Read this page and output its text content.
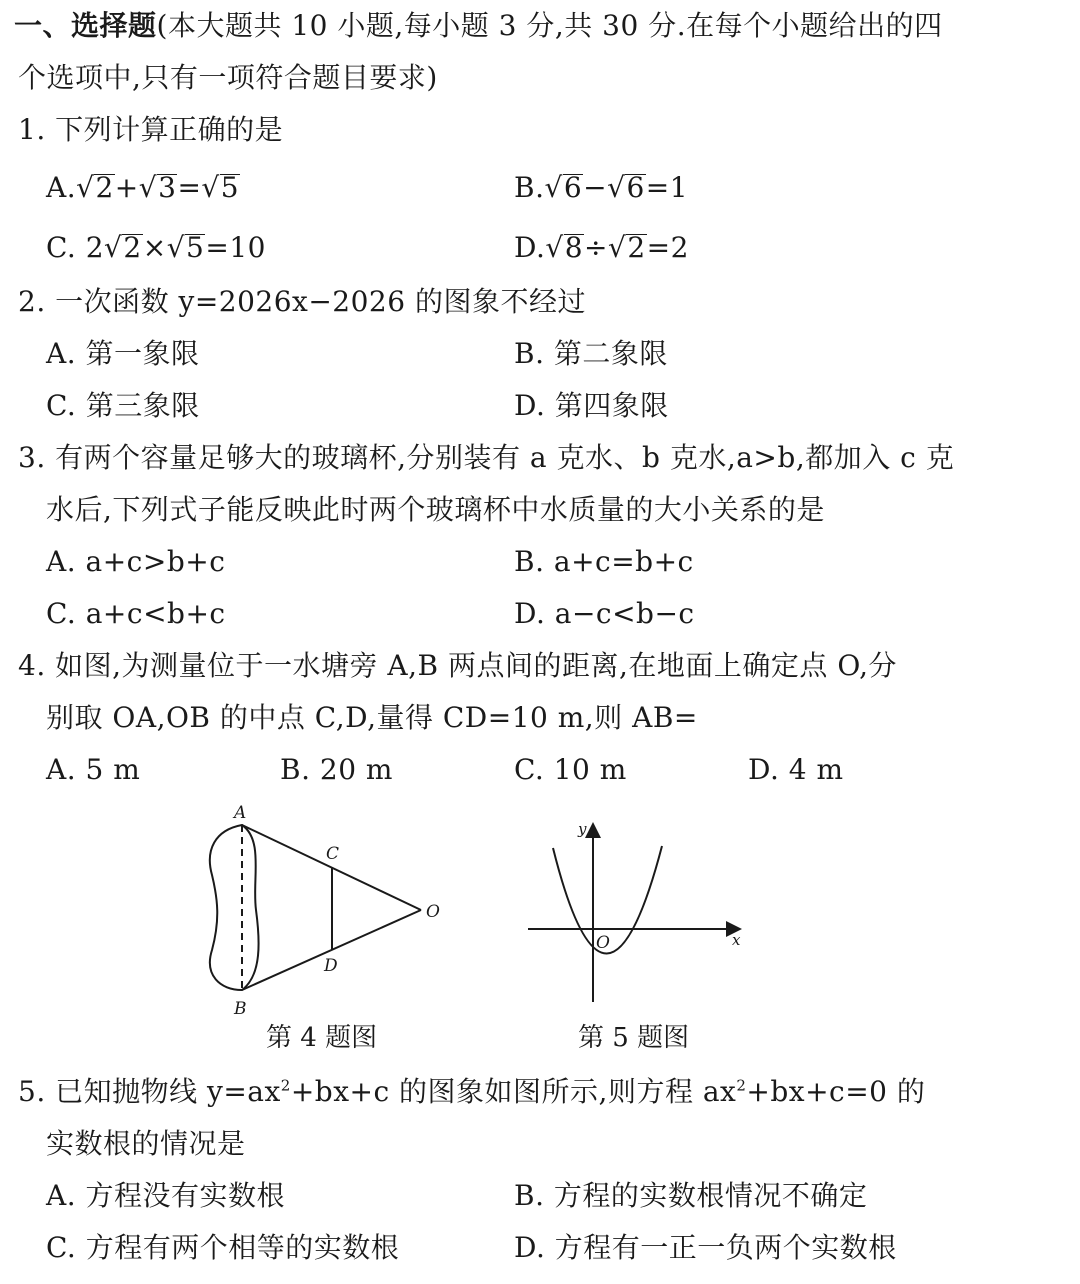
一、选择题(本大题共 10 小题,每小题 3 分,共 30 分.在每个小题给出的四
个选项中,只有一项符合题目要求)
1. 下列计算正确的是
A.√2+√3=√5	B.√6−√6=1
C. 2√2×√5=10	D.√8÷√2=2
2. 一次函数 y=2026x−2026 的图象不经过
A. 第一象限	B. 第二象限
C. 第三象限	D. 第四象限
3. 有两个容量足够大的玻璃杯,分别装有 a 克水、b 克水,a>b,都加入 c 克
水后,下列式子能反映此时两个玻璃杯中水质量的大小关系的是
A. a+c>b+c	B. a+c=b+c
C. a+c<b+c	D. a−c<b−c
4. 如图,为测量位于一水塘旁 A,B 两点间的距离,在地面上确定点 O,分
别取 OA,OB 的中点 C,D,量得 CD=10 m,则 AB=
A. 5 m	B. 20 m	C. 10 m	D. 4 m
A
B
C
D
O
第 4 题图
y
x
O
第 5 题图
5. 已知抛物线 $y=ax^2+bx+c$ 的图象如图所示,则方程 $ax^2+bx+c=0$ 的
实数根的情况是
A. 方程没有实数根	B. 方程的实数根情况不确定
C. 方程有两个相等的实数根	D. 方程有一正一负两个实数根
